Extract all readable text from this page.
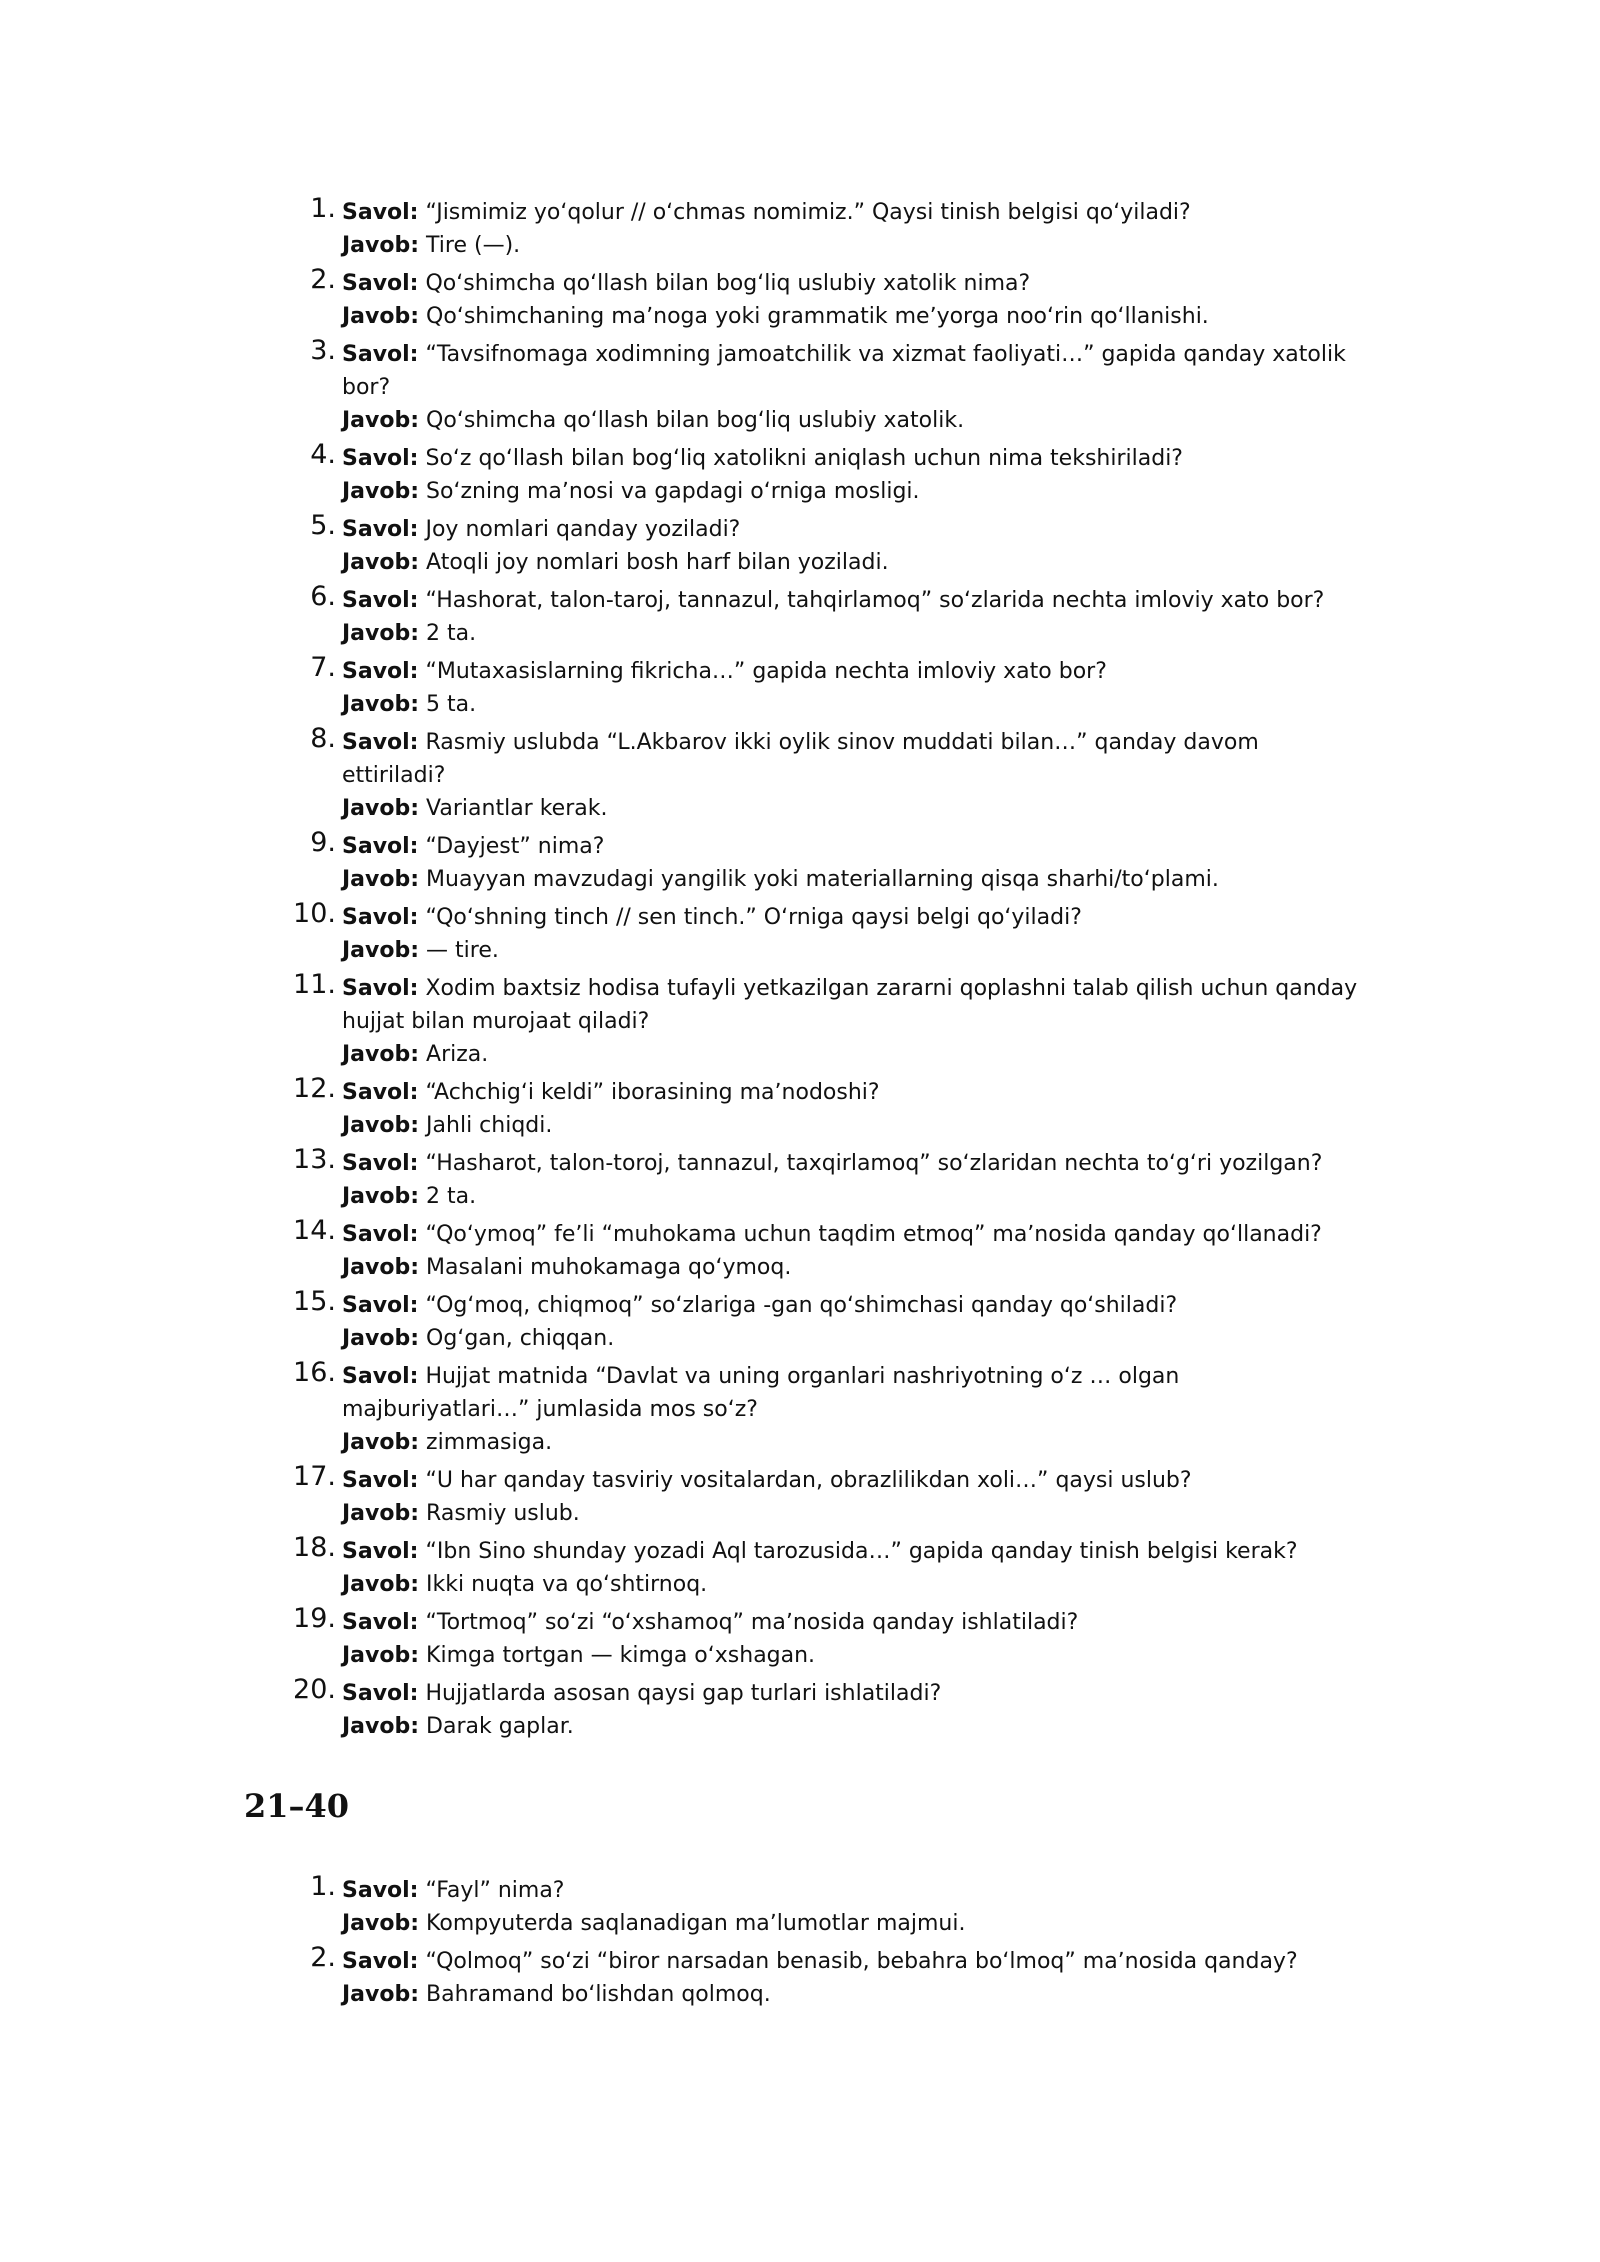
1. Savol: “Jismimiz yoʻqolur // oʻchmas nomimiz.” Qaysi tinish belgisi qoʻyiladi?

Javob: Tire (—).

2. Savol: Qoʻshimcha qoʻllash bilan bogʻliq uslubiy xatolik nima?

Javob: Qoʻshimchaning maʼnoga yoki grammatik meʼyorga nooʻrin qoʻllanishi.

3. Savol: “Tavsifnomaga xodimning jamoatchilik va xizmat faoliyati…” gapida qanday xatolik bor?

Javob: Qoʻshimcha qoʻllash bilan bogʻliq uslubiy xatolik.

4. Savol: Soʻz qoʻllash bilan bogʻliq xatolikni aniqlash uchun nima tekshiriladi?

Javob: Soʻzning maʼnosi va gapdagi oʻrniga mosligi.

5. Savol: Joy nomlari qanday yoziladi?

Javob: Atoqli joy nomlari bosh harf bilan yoziladi.

6. Savol: “Hashorat, talon-taroj, tannazul, tahqirlamoq” soʻzlarida nechta imloviy xato bor?

Javob: 2 ta.

7. Savol: “Mutaxasislarning fikricha…” gapida nechta imloviy xato bor?

Javob: 5 ta.

8. Savol: Rasmiy uslubda “L.Akbarov ikki oylik sinov muddati bilan…” qanday davom ettiriladi?

Javob: Variantlar kerak.

9. Savol: “Dayjest” nima?

Javob: Muayyan mavzudagi yangilik yoki materiallarning qisqa sharhi/toʻplami.

10. Savol: “Qoʻshning tinch // sen tinch.” Oʻrniga qaysi belgi qoʻyiladi?

Javob: — tire.

11. Savol: Xodim baxtsiz hodisa tufayli yetkazilgan zararni qoplashni talab qilish uchun qanday hujjat bilan murojaat qiladi?

Javob: Ariza.

12. Savol: “Achchigʻi keldi” iborasining maʼnodoshi?

Javob: Jahli chiqdi.

13. Savol: “Hasharot, talon-toroj, tannazul, taxqirlamoq” soʻzlaridan nechta toʻgʻri yozilgan?

Javob: 2 ta.

14. Savol: “Qoʻymoq” feʼli “muhokama uchun taqdim etmoq” maʼnosida qanday qoʻllanadi?

Javob: Masalani muhokamaga qoʻymoq.

15. Savol: “Ogʻmoq, chiqmoq” soʻzlariga -gan qoʻshimchasi qanday qoʻshiladi?

Javob: Ogʻgan, chiqqan.

16. Savol: Hujjat matnida “Davlat va uning organlari nashriyotning oʻz … olgan majburiyatlari…” jumlasida mos soʻz?

Javob: zimmasiga.

17. Savol: “U har qanday tasviriy vositalardan, obrazlilikdan xoli…” qaysi uslub?

Javob: Rasmiy uslub.

18. Savol: “Ibn Sino shunday yozadi Aql tarozusida…” gapida qanday tinish belgisi kerak?

Javob: Ikki nuqta va qoʻshtirnoq.

19. Savol: “Tortmoq” soʻzi “oʻxshamoq” maʼnosida qanday ishlatiladi?

Javob: Kimga tortgan — kimga oʻxshagan.

20. Savol: Hujjatlarda asosan qaysi gap turlari ishlatiladi?

Javob: Darak gaplar.

21–40
1. Savol: “Fayl” nima?

Javob: Kompyuterda saqlanadigan maʼlumotlar majmui.

2. Savol: “Qolmoq” soʻzi “biror narsadan benasib, bebahra boʻlmoq” maʼnosida qanday?

Javob: Bahramand boʻlishdan qolmoq.
